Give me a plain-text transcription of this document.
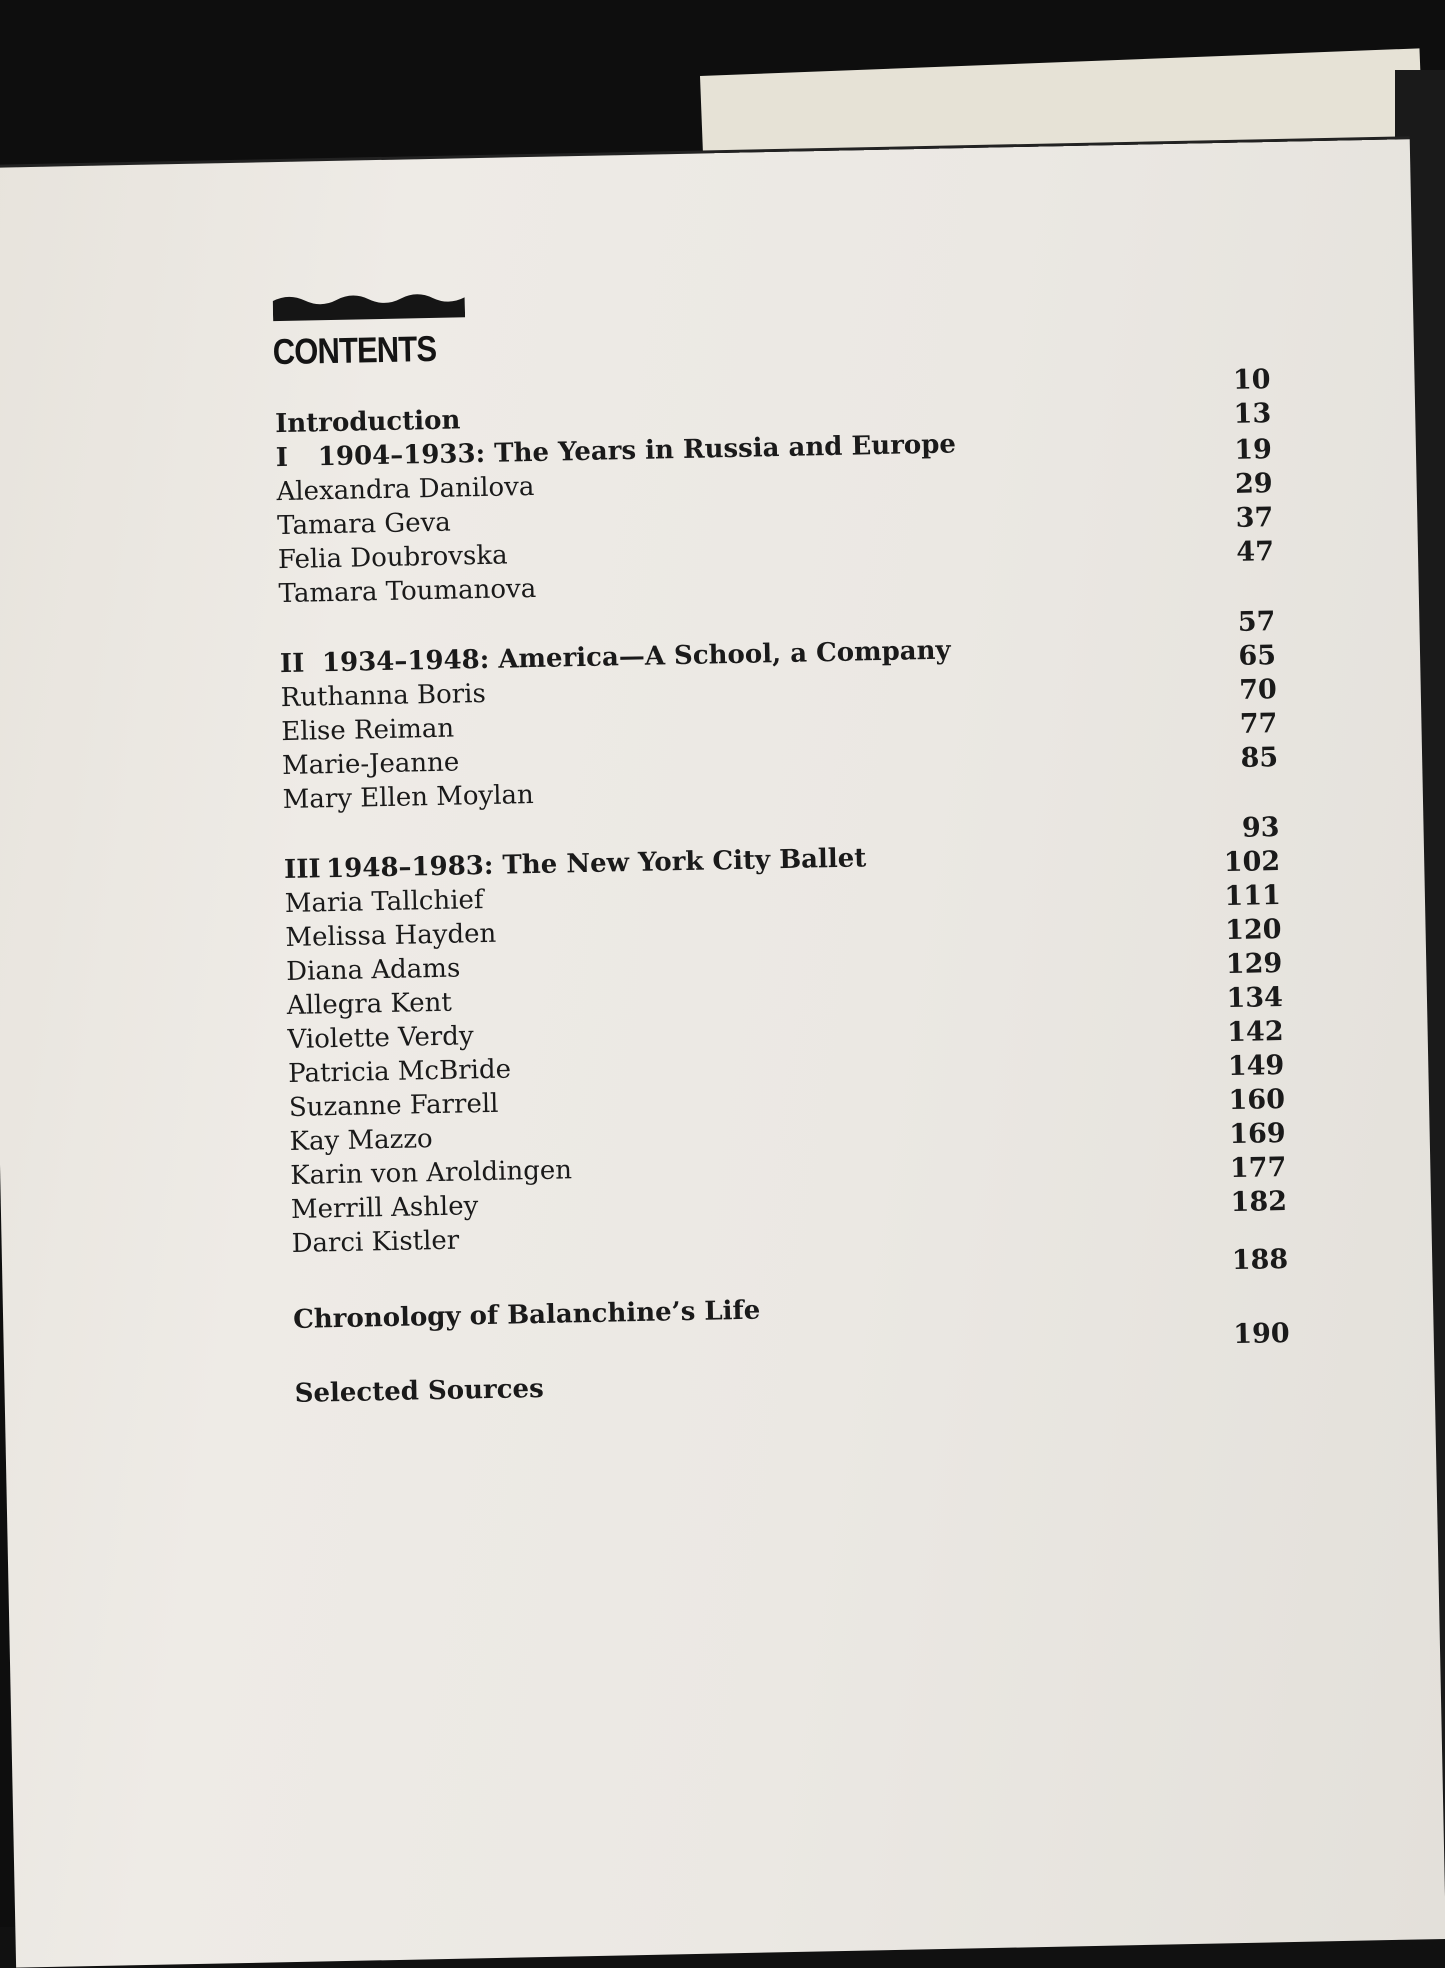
CONTENTS
Introduction
10
I 1904–1933: The Years in Russia and Europe
13
Alexandra Danilova
19
Tamara Geva
29
Felia Doubrovska
37
Tamara Toumanova
47
II 1934–1948: America—A School, a Company
57
Ruthanna Boris
65
Elise Reiman
70
Marie-Jeanne
77
Mary Ellen Moylan
85
III 1948–1983: The New York City Ballet
93
Maria Tallchief
102
Melissa Hayden
111
Diana Adams
120
Allegra Kent
129
Violette Verdy
134
Patricia McBride
142
Suzanne Farrell
149
Kay Mazzo
160
Karin von Aroldingen
169
Merrill Ashley
177
Darci Kistler
182
Chronology of Balanchine’s Life
188
Selected Sources
190
